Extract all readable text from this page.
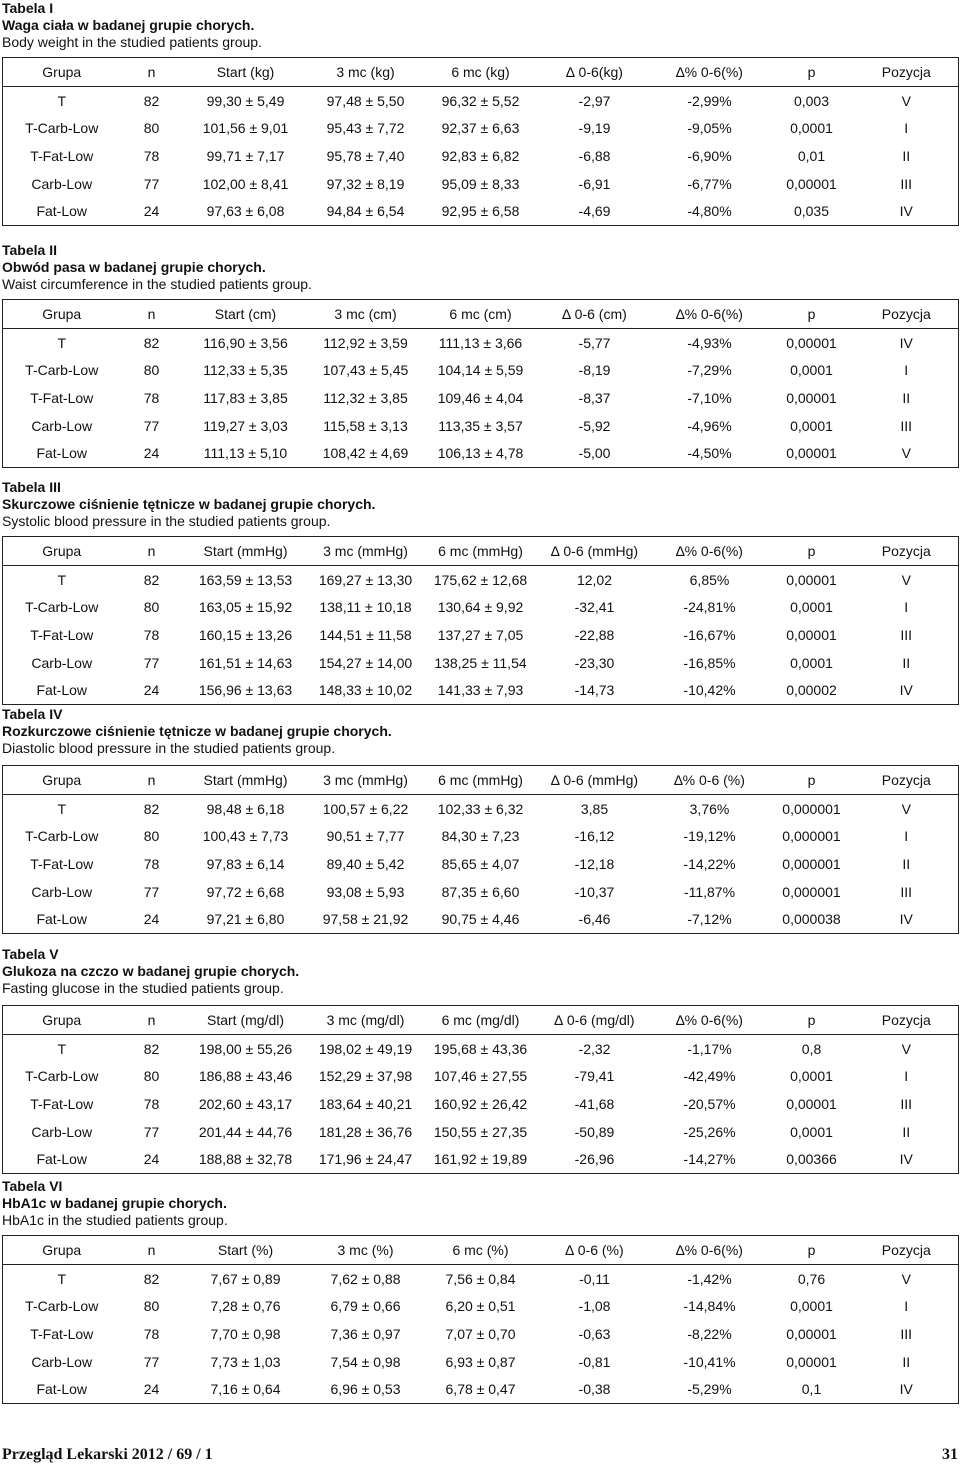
Tabela I
Waga ciała w badanej grupie chorych.
Body weight in the studied patients group.
Grupa	n	Start (kg)	3 mc (kg)	6 mc (kg)	∆ 0-6(kg)	∆% 0-6(%)	p	Pozycja
T	82	99,30 ± 5,49	97,48 ± 5,50	96,32 ± 5,52	-2,97	-2,99%	0,003	V
T-Carb-Low	80	101,56 ± 9,01	95,43 ± 7,72	92,37 ± 6,63	-9,19	-9,05%	0,0001	I
T-Fat-Low	78	99,71 ± 7,17	95,78 ± 7,40	92,83 ± 6,82	-6,88	-6,90%	0,01	II
Carb-Low	77	102,00 ± 8,41	97,32 ± 8,19	95,09 ± 8,33	-6,91	-6,77%	0,00001	III
Fat-Low	24	97,63 ± 6,08	94,84 ± 6,54	92,95 ± 6,58	-4,69	-4,80%	0,035	IV
Tabela II
Obwód pasa w badanej grupie chorych.
Waist circumference in the studied patients group.
Grupa	n	Start (cm)	3 mc (cm)	6 mc (cm)	∆ 0-6 (cm)	∆% 0-6(%)	p	Pozycja
T	82	116,90 ± 3,56	112,92 ± 3,59	111,13 ± 3,66	-5,77	-4,93%	0,00001	IV
T-Carb-Low	80	112,33 ± 5,35	107,43 ± 5,45	104,14 ± 5,59	-8,19	-7,29%	0,0001	I
T-Fat-Low	78	117,83 ± 3,85	112,32 ± 3,85	109,46 ± 4,04	-8,37	-7,10%	0,00001	II
Carb-Low	77	119,27 ± 3,03	115,58 ± 3,13	113,35 ± 3,57	-5,92	-4,96%	0,0001	III
Fat-Low	24	111,13 ± 5,10	108,42 ± 4,69	106,13 ± 4,78	-5,00	-4,50%	0,00001	V
Tabela III
Skurczowe ciśnienie tętnicze w badanej grupie chorych.
Systolic blood pressure in the studied patients group.
Grupa	n	Start (mmHg)	3 mc (mmHg)	6 mc (mmHg)	∆ 0-6 (mmHg)	∆% 0-6(%)	p	Pozycja
T	82	163,59 ± 13,53	169,27 ± 13,30	175,62 ± 12,68	12,02	6,85%	0,00001	V
T-Carb-Low	80	163,05 ± 15,92	138,11 ± 10,18	130,64 ± 9,92	-32,41	-24,81%	0,0001	I
T-Fat-Low	78	160,15 ± 13,26	144,51 ± 11,58	137,27 ± 7,05	-22,88	-16,67%	0,00001	III
Carb-Low	77	161,51 ± 14,63	154,27 ± 14,00	138,25 ± 11,54	-23,30	-16,85%	0,0001	II
Fat-Low	24	156,96 ± 13,63	148,33 ± 10,02	141,33 ± 7,93	-14,73	-10,42%	0,00002	IV
Tabela IV
Rozkurczowe ciśnienie tętnicze w badanej grupie chorych.
Diastolic blood pressure in the studied patients group.
Grupa	n	Start (mmHg)	3 mc (mmHg)	6 mc (mmHg)	∆ 0-6 (mmHg)	∆% 0-6 (%)	p	Pozycja
T	82	98,48 ± 6,18	100,57 ± 6,22	102,33 ± 6,32	3,85	3,76%	0,000001	V
T-Carb-Low	80	100,43 ± 7,73	90,51 ± 7,77	84,30 ± 7,23	-16,12	-19,12%	0,000001	I
T-Fat-Low	78	97,83 ± 6,14	89,40 ± 5,42	85,65 ± 4,07	-12,18	-14,22%	0,000001	II
Carb-Low	77	97,72 ± 6,68	93,08 ± 5,93	87,35 ± 6,60	-10,37	-11,87%	0,000001	III
Fat-Low	24	97,21 ± 6,80	97,58 ± 21,92	90,75 ± 4,46	-6,46	-7,12%	0,000038	IV
Tabela V
Glukoza na czczo w badanej grupie chorych.
Fasting glucose in the studied patients group.
Grupa	n	Start (mg/dl)	3 mc (mg/dl)	6 mc (mg/dl)	∆ 0-6 (mg/dl)	∆% 0-6(%)	p	Pozycja
T	82	198,00 ± 55,26	198,02 ± 49,19	195,68 ± 43,36	-2,32	-1,17%	0,8	V
T-Carb-Low	80	186,88 ± 43,46	152,29 ± 37,98	107,46 ± 27,55	-79,41	-42,49%	0,0001	I
T-Fat-Low	78	202,60 ± 43,17	183,64 ± 40,21	160,92 ± 26,42	-41,68	-20,57%	0,00001	III
Carb-Low	77	201,44 ± 44,76	181,28 ± 36,76	150,55 ± 27,35	-50,89	-25,26%	0,0001	II
Fat-Low	24	188,88 ± 32,78	171,96 ± 24,47	161,92 ± 19,89	-26,96	-14,27%	0,00366	IV
Tabela VI
HbA1c w badanej grupie chorych.
HbA1c in the studied patients group.
Grupa	n	Start (%)	3 mc (%)	6 mc (%)	∆ 0-6 (%)	∆% 0-6(%)	p	Pozycja
T	82	7,67 ± 0,89	7,62 ± 0,88	7,56 ± 0,84	-0,11	-1,42%	0,76	V
T-Carb-Low	80	7,28 ± 0,76	6,79 ± 0,66	6,20 ± 0,51	-1,08	-14,84%	0,0001	I
T-Fat-Low	78	7,70 ± 0,98	7,36 ± 0,97	7,07 ± 0,70	-0,63	-8,22%	0,00001	III
Carb-Low	77	7,73 ± 1,03	7,54 ± 0,98	6,93 ± 0,87	-0,81	-10,41%	0,00001	II
Fat-Low	24	7,16 ± 0,64	6,96 ± 0,53	6,78 ± 0,47	-0,38	-5,29%	0,1	IV
Przegląd Lekarski 2012 / 69 / 1	31
